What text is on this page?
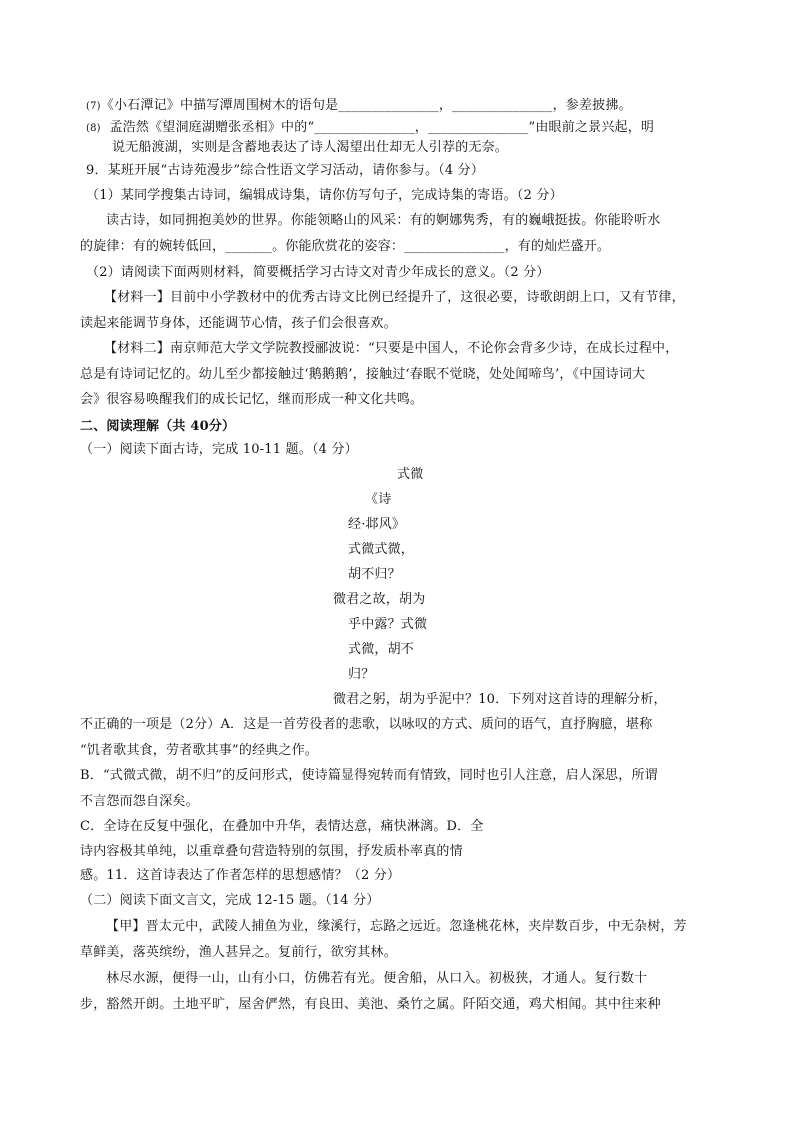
(7)《小石潭记》中描写潭周围树木的语句是_______________，_______________，参差披拂。
(8) 孟浩然《望洞庭湖赠张丞相》中的“_______________，_______________”由眼前之景兴起，明
说无船渡湖，实则是含蓄地表达了诗人渴望出仕却无人引荐的无奈。
9．某班开展“古诗苑漫步”综合性语文学习活动，请你参与。（4 分）
（1）某同学搜集古诗词，编辑成诗集，请你仿写句子，完成诗集的寄语。（2 分）
读古诗，如同拥抱美妙的世界。你能领略山的风采：有的婀娜隽秀，有的巍峨挺拔。你能聆听水
的旋律：有的婉转低回，_______。你能欣赏花的姿容：_______________，有的灿烂盛开。
（2）请阅读下面两则材料，简要概括学习古诗文对青少年成长的意义。（2 分）
【材料一】目前中小学教材中的优秀古诗文比例已经提升了，这很必要，诗歌朗朗上口，又有节律，
读起来能调节身体，还能调节心情，孩子们会很喜欢。
【材料二】南京师范大学文学院教授郦波说：“只要是中国人，不论你会背多少诗，在成长过程中，
总是有诗词记忆的。幼儿至少都接触过‘鹅鹅鹅’，接触过‘春眠不觉晓，处处闻啼鸟’，《中国诗词大
会》很容易唤醒我们的成长记忆，继而形成一种文化共鸣。
二、阅读理解（共 40分）
（一）阅读下面古诗，完成 10-11 题。（4 分）
式微
《诗
经·邶风》
式微式微，
胡不归？
微君之故，胡为
乎中露？式微
式微，胡不
归？
微君之躬，胡为乎泥中？10．下列对这首诗的理解分析，
不正确的一项是（2分）A．这是一首劳役者的悲歌，以咏叹的方式、质问的语气，直抒胸臆，堪称
“饥者歌其食，劳者歌其事”的经典之作。
B．“式微式微，胡不归”的反问形式，使诗篇显得宛转而有情致，同时也引人注意，启人深思，所谓
不言怨而怨自深矣。
C．全诗在反复中强化，在叠加中升华，表情达意，痛快淋漓。D．全
诗内容极其单纯，以重章叠句营造特别的氛围，抒发质朴率真的情
感。11．这首诗表达了作者怎样的思想感情？（2 分）
（二）阅读下面文言文，完成 12-15 题。（14 分）
【甲】晋太元中，武陵人捕鱼为业，缘溪行，忘路之远近。忽逢桃花林，夹岸数百步，中无杂树，芳
草鲜美，落英缤纷，渔人甚异之。复前行，欲穷其林。
林尽水源，便得一山，山有小口，仿佛若有光。便舍船，从口入。初极狭，才通人。复行数十
步，豁然开朗。土地平旷，屋舍俨然，有良田、美池、桑竹之属。阡陌交通，鸡犬相闻。其中往来种
